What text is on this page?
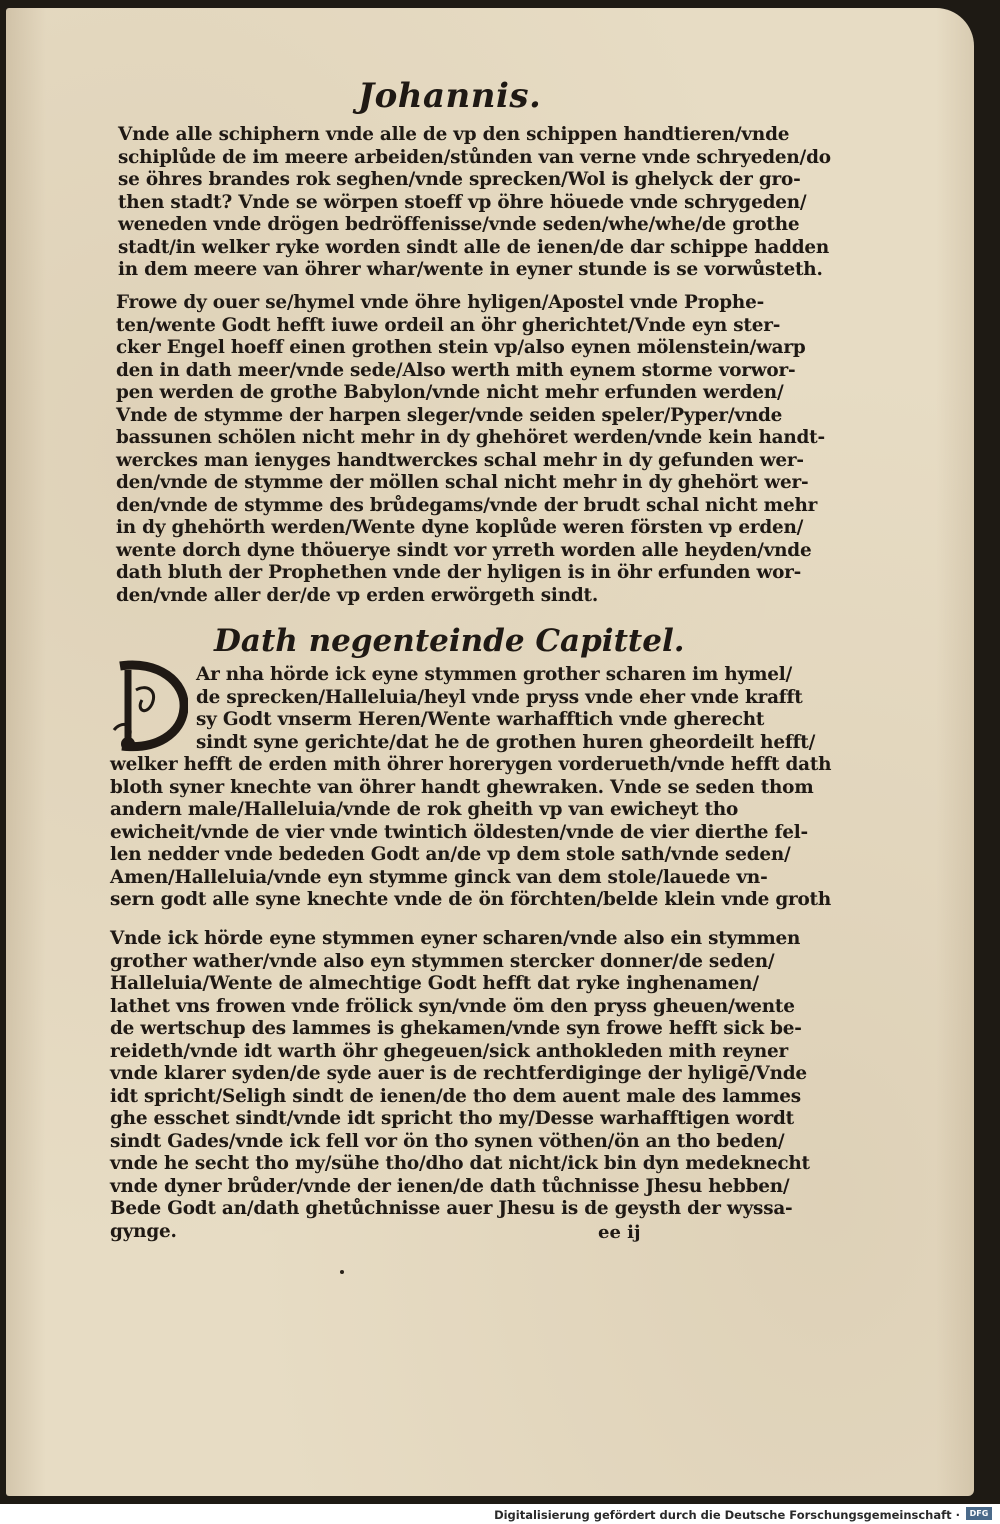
Johannis.
Vnde alle schiphern vnde alle de vp den schippen handtieren/vnde
schiplůde de im meere arbeiden/stůnden van verne vnde schryeden/do
se öhres brandes rok seghen/vnde sprecken/Wol is ghelyck der gro-
then stadt? Vnde se wörpen stoeff vp öhre höuede vnde schrygeden/
weneden vnde drögen bedröffenisse/vnde seden/whe/whe/de grothe
stadt/in welker ryke worden sindt alle de ienen/de dar schippe hadden
in dem meere van öhrer whar/wente in eyner stunde is se vorwůsteth.
Frowe dy ouer se/hymel vnde öhre hyligen/Apostel vnde Prophe-
ten/wente Godt hefft iuwe ordeil an öhr gherichtet/Vnde eyn ster-
cker Engel hoeff einen grothen stein vp/also eynen mölenstein/warp
den in dath meer/vnde sede/Also werth mith eynem storme vorwor-
pen werden de grothe Babylon/vnde nicht mehr erfunden werden/
Vnde de stymme der harpen sleger/vnde seiden speler/Pyper/vnde
bassunen schölen nicht mehr in dy ghehöret werden/vnde kein handt-
werckes man ienyges handtwerckes schal mehr in dy gefunden wer-
den/vnde de stymme der möllen schal nicht mehr in dy ghehört wer-
den/vnde de stymme des brůdegams/vnde der brudt schal nicht mehr
in dy ghehörth werden/Wente dyne koplůde weren försten vp erden/
wente dorch dyne thöuerye sindt vor yrreth worden alle heyden/vnde
dath bluth der Prophethen vnde der hyligen is in öhr erfunden wor-
den/vnde aller der/de vp erden erwörgeth sindt.
Dath negenteinde Capittel.
Ar nha hörde ick eyne stymmen grother scharen im hymel/
de sprecken/Halleluia/heyl vnde pryss vnde eher vnde krafft
sy Godt vnserm Heren/Wente warhafftich vnde gherecht
sindt syne gerichte/dat he de grothen huren gheordeilt hefft/
welker hefft de erden mith öhrer horerygen vorderueth/vnde hefft dath
bloth syner knechte van öhrer handt ghewraken. Vnde se seden thom
andern male/Halleluia/vnde de rok gheith vp van ewicheyt tho
ewicheit/vnde de vier vnde twintich öldesten/vnde de vier dierthe fel-
len nedder vnde bededen Godt an/de vp dem stole sath/vnde seden/
Amen/Halleluia/vnde eyn stymme ginck van dem stole/lauede vn-
sern godt alle syne knechte vnde de ön förchten/belde klein vnde groth
Vnde ick hörde eyne stymmen eyner scharen/vnde also ein stymmen
grother wather/vnde also eyn stymmen stercker donner/de seden/
Halleluia/Wente de almechtige Godt hefft dat ryke inghenamen/
lathet vns frowen vnde frölick syn/vnde öm den pryss gheuen/wente
de wertschup des lammes is ghekamen/vnde syn frowe hefft sick be-
reideth/vnde idt warth öhr ghegeuen/sick anthokleden mith reyner
vnde klarer syden/de syde auer is de rechtferdiginge der hyligē/Vnde
idt spricht/Seligh sindt de ienen/de tho dem auent male des lammes
ghe esschet sindt/vnde idt spricht tho my/Desse warhafftigen wordt
sindt Gades/vnde ick fell vor ön tho synen vöthen/ön an tho beden/
vnde he secht tho my/sühe tho/dho dat nicht/ick bin dyn medeknecht
vnde dyner brůder/vnde der ienen/de dath tůchnisse Jhesu hebben/
Bede Godt an/dath ghetůchnisse auer Jhesu is de geysth der wyssa-
gynge.	ee ij
Digitalisierung gefördert durch die Deutsche Forschungsgemeinschaft ·	DFG
